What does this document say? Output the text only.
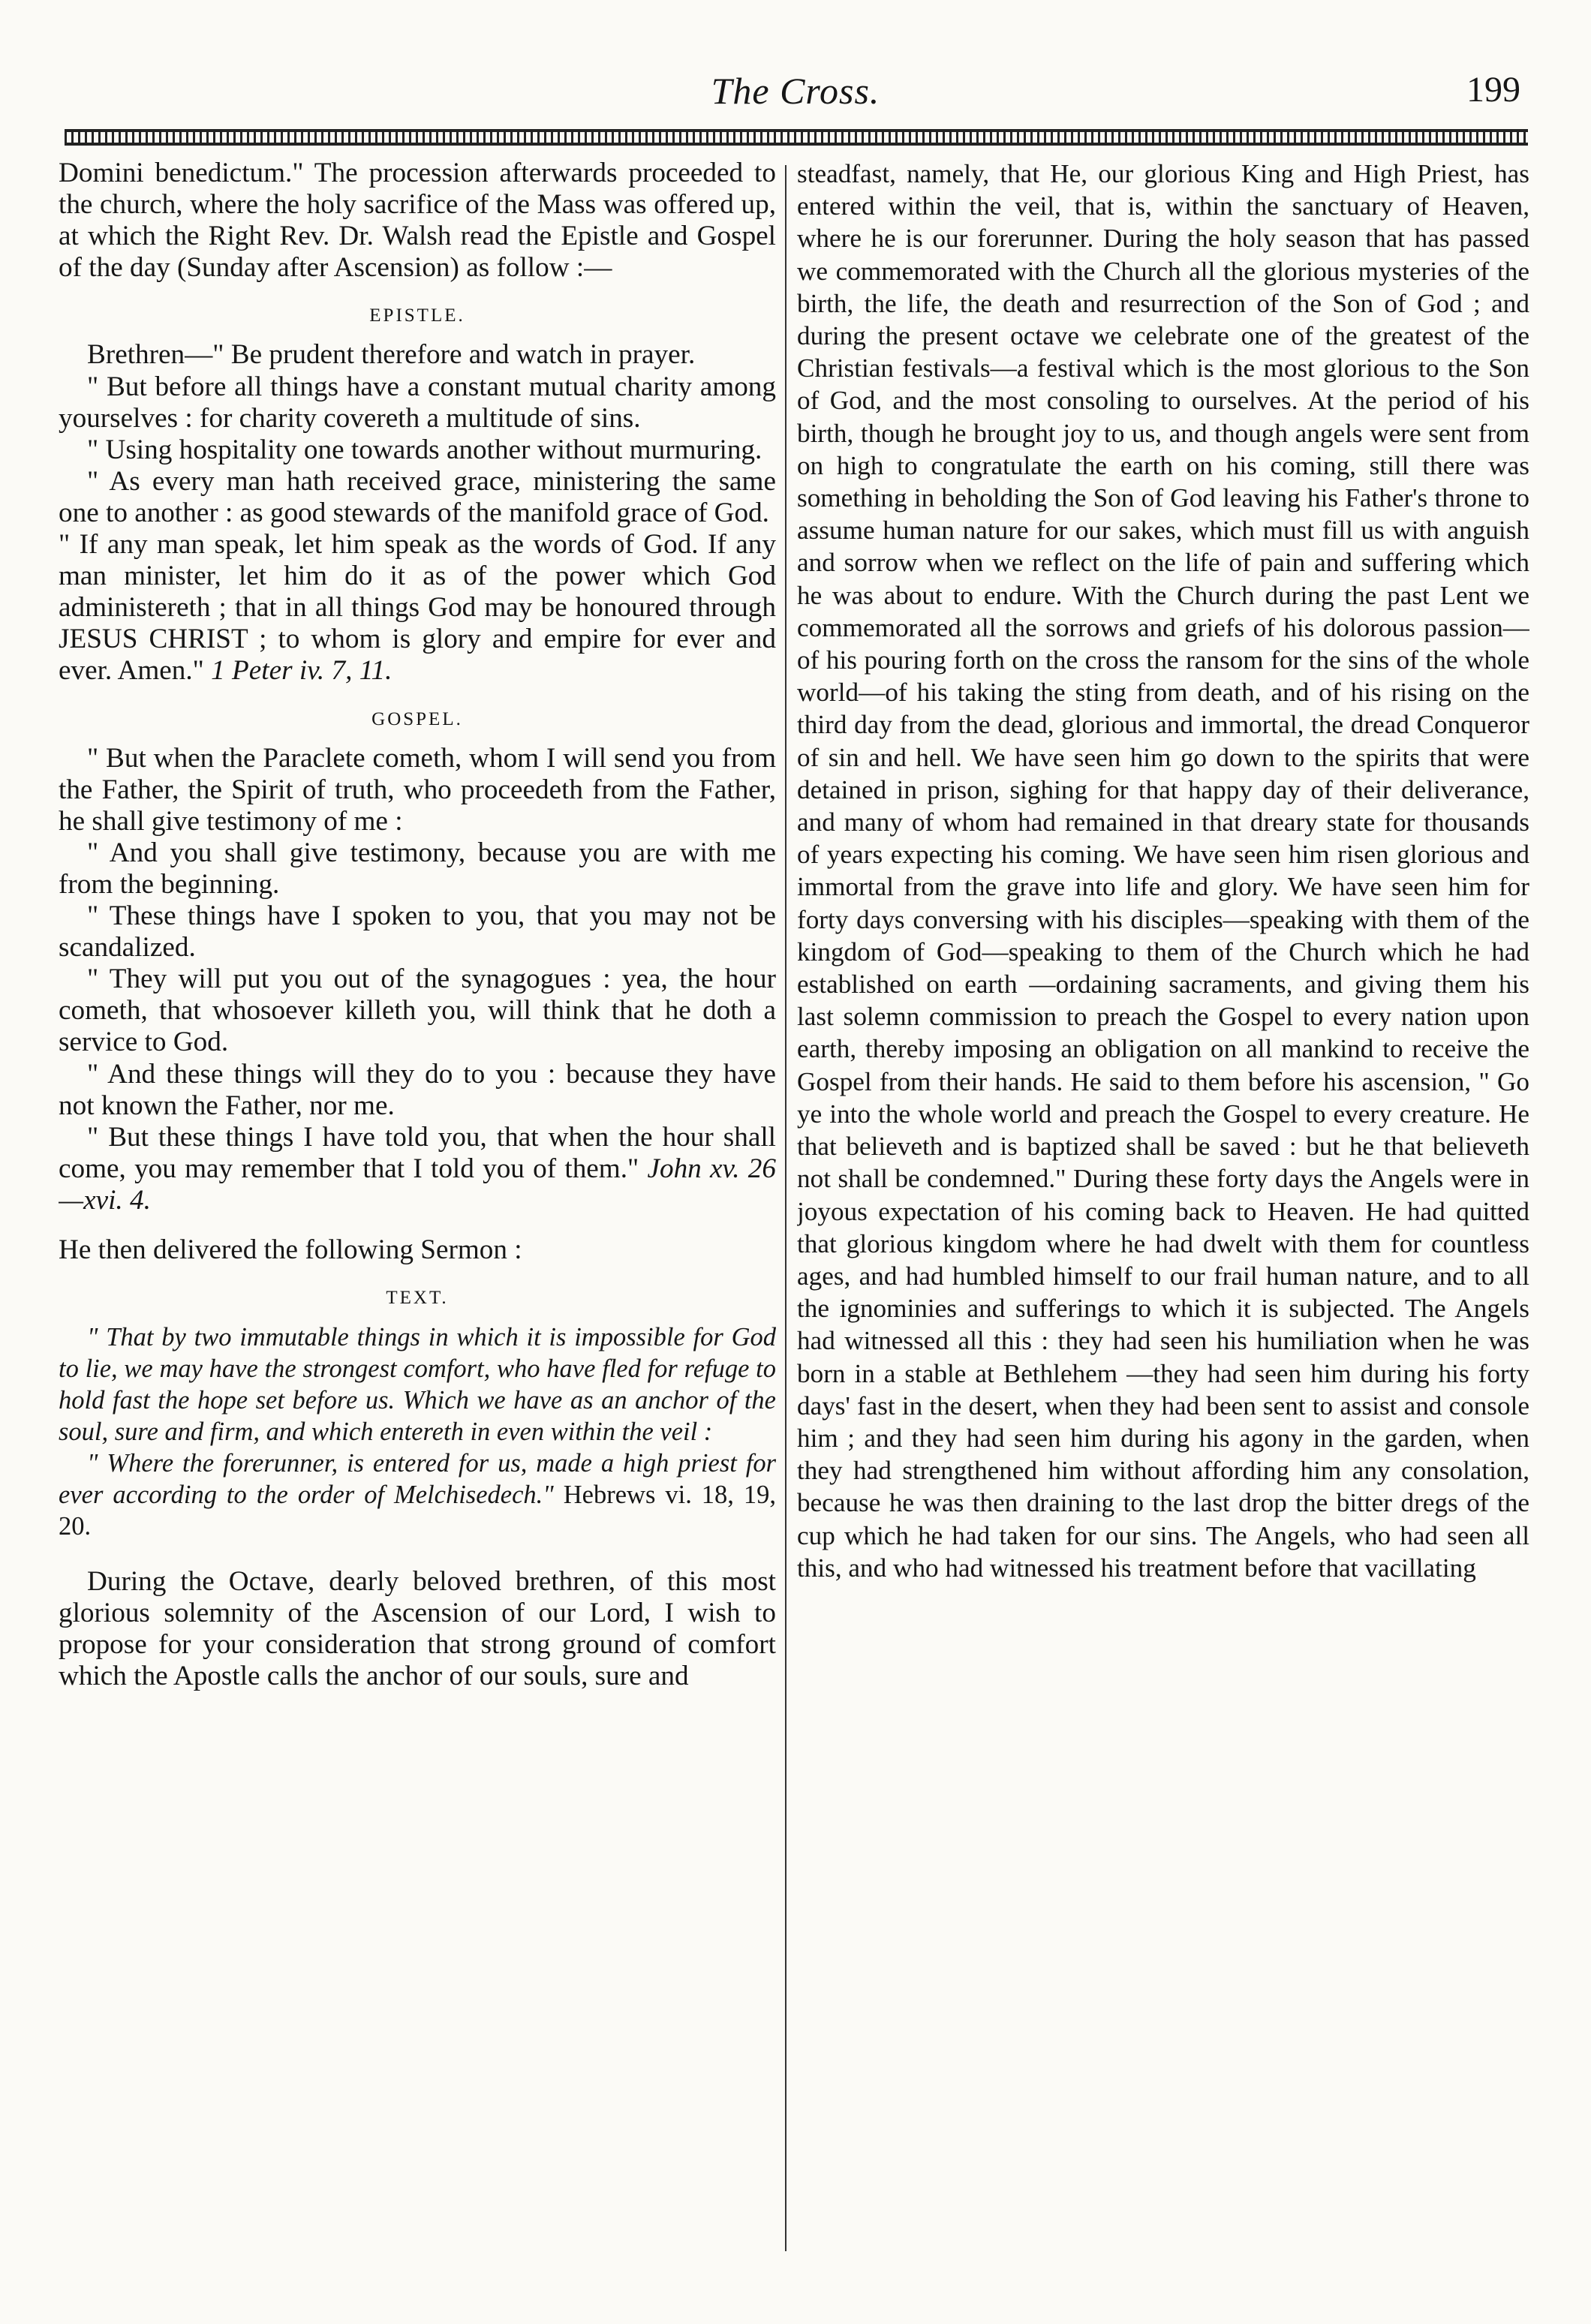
The Cross.	199

Domini benedictum." The procession afterwards proceeded to the church, where the holy sacrifice of the Mass was offered up, at which the Right Rev. Dr. Walsh read the Epistle and Gospel of the day (Sunday after Ascension) as follow :—

EPISTLE.

Brethren—" Be prudent therefore and watch in prayer.

" But before all things have a constant mutual charity among yourselves : for charity covereth a multitude of sins.

" Using hospitality one towards another without murmuring.

" As every man hath received grace, ministering the same one to another : as good stewards of the manifold grace of God.

" If any man speak, let him speak as the words of God. If any man minister, let him do it as of the power which God administereth ; that in all things God may be honoured through JESUS CHRIST ; to whom is glory and empire for ever and ever. Amen." 1 Peter iv. 7, 11.

GOSPEL.

" But when the Paraclete cometh, whom I will send you from the Father, the Spirit of truth, who proceedeth from the Father, he shall give testimony of me :

" And you shall give testimony, because you are with me from the beginning.

" These things have I spoken to you, that you may not be scandalized.

" They will put you out of the synagogues : yea, the hour cometh, that whosoever killeth you, will think that he doth a service to God.

" And these things will they do to you : because they have not known the Father, nor me.

" But these things I have told you, that when the hour shall come, you may remember that I told you of them." John xv. 26—xvi. 4.

He then delivered the following Sermon :

TEXT.

" That by two immutable things in which it is impossible for God to lie, we may have the strongest comfort, who have fled for refuge to hold fast the hope set before us. Which we have as an anchor of the soul, sure and firm, and which entereth in even within the veil :

" Where the forerunner, is entered for us, made a high priest for ever according to the order of Melchisedech." Hebrews vi. 18, 19, 20.

During the Octave, dearly beloved brethren, of this most glorious solemnity of the Ascension of our Lord, I wish to propose for your consideration that strong ground of comfort which the Apostle calls the anchor of our souls, sure and

steadfast, namely, that He, our glorious King and High Priest, has entered within the veil, that is, within the sanctuary of Heaven, where he is our forerunner. During the holy season that has passed we commemorated with the Church all the glorious mysteries of the birth, the life, the death and resurrection of the Son of God ; and during the present octave we celebrate one of the greatest of the Christian festivals—a festival which is the most glorious to the Son of God, and the most consoling to ourselves. At the period of his birth, though he brought joy to us, and though angels were sent from on high to congratulate the earth on his coming, still there was something in beholding the Son of God leaving his Father's throne to assume human nature for our sakes, which must fill us with anguish and sorrow when we reflect on the life of pain and suffering which he was about to endure. With the Church during the past Lent we commemorated all the sorrows and griefs of his dolorous passion—of his pouring forth on the cross the ransom for the sins of the whole world—of his taking the sting from death, and of his rising on the third day from the dead, glorious and immortal, the dread Conqueror of sin and hell. We have seen him go down to the spirits that were detained in prison, sighing for that happy day of their deliverance, and many of whom had remained in that dreary state for thousands of years expecting his coming. We have seen him risen glorious and immortal from the grave into life and glory. We have seen him for forty days conversing with his disciples—speaking with them of the kingdom of God—speaking to them of the Church which he had established on earth —ordaining sacraments, and giving them his last solemn commission to preach the Gospel to every nation upon earth, thereby imposing an obligation on all mankind to receive the Gospel from their hands. He said to them before his ascension, " Go ye into the whole world and preach the Gospel to every creature. He that believeth and is baptized shall be saved : but he that believeth not shall be condemned." During these forty days the Angels were in joyous expectation of his coming back to Heaven. He had quitted that glorious kingdom where he had dwelt with them for countless ages, and had humbled himself to our frail human nature, and to all the ignominies and sufferings to which it is subjected. The Angels had witnessed all this : they had seen his humiliation when he was born in a stable at Bethlehem —they had seen him during his forty days' fast in the desert, when they had been sent to assist and console him ; and they had seen him during his agony in the garden, when they had strengthened him without affording him any consolation, because he was then draining to the last drop the bitter dregs of the cup which he had taken for our sins. The Angels, who had seen all this, and who had witnessed his treatment before that vacillating
